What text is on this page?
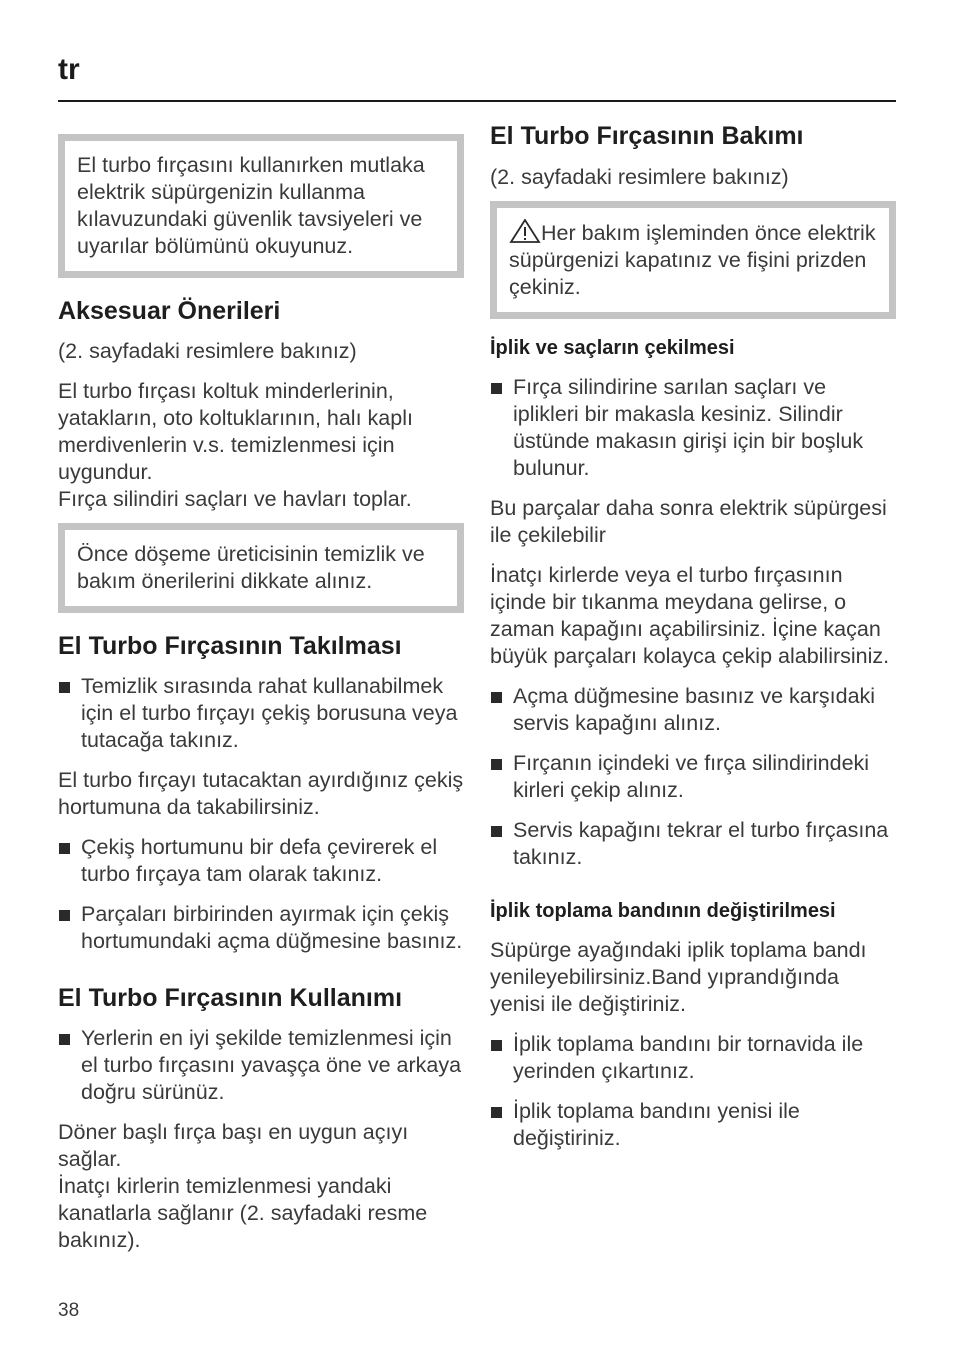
tr
El turbo fırçasını kullanırken mutlaka elektrik süpürgenizin kullanma kılavuzundaki güvenlik tavsiyeleri ve uyarılar bölümünü okuyunuz.
Aksesuar Önerileri

(2. sayfadaki resimlere bakınız)

El turbo fırçası koltuk minderlerinin, yatakların, oto koltuklarının, halı kaplı merdivenlerin v.s. temizlenmesi için uygundur.

Fırça silindiri saçları ve havları toplar.

Önce döşeme üreticisinin temizlik ve bakım önerilerini dikkate alınız.
El Turbo Fırçasının Takılması
Temizlik sırasında rahat kullanabilmek için el turbo fırçayı çekiş borusuna veya tutacağa takınız.

El turbo fırçayı tutacaktan ayırdığınız çekiş hortumuna da takabilirsiniz.

Çekiş hortumunu bir defa çevirerek el turbo fırçaya tam olarak takınız.
Parçaları birbirinden ayırmak için çekiş hortumundaki açma düğmesine basınız.
El Turbo Fırçasının Kullanımı
Yerlerin en iyi şekilde temizlenmesi için el turbo fırçasını yavaşça öne ve arkaya doğru sürünüz.

Döner başlı fırça başı en uygun açıyı sağlar.

İnatçı kirlerin temizlenmesi yandaki kanatlarla sağlanır (2. sayfadaki resme bakınız).

El Turbo Fırçasının Bakımı

(2. sayfadaki resimlere bakınız)

Her bakım işleminden önce elektrik süpürgenizi kapatınız ve fişini prizden çekiniz.
İplik ve saçların çekilmesi
Fırça silindirine sarılan saçları ve iplikleri bir makasla kesiniz. Silindir üstünde makasın girişi için bir boşluk bulunur.

Bu parçalar daha sonra elektrik süpürgesi ile çekilebilir

İnatçı kirlerde veya el turbo fırçasının içinde bir tıkanma meydana gelirse, o zaman kapağını açabilirsiniz. İçine kaçan büyük parçaları kolayca çekip alabilirsiniz.

Açma düğmesine basınız ve karşıdaki servis kapağını alınız.
Fırçanın içindeki ve fırça silindirindeki kirleri çekip alınız.
Servis kapağını tekrar el turbo fırçasına takınız.
İplik toplama bandının değiştirilmesi

Süpürge ayağındaki iplik toplama bandı yenileyebilirsiniz.Band yıprandığında yenisi ile değiştiriniz.

İplik toplama bandını bir tornavida ile yerinden çıkartınız.
İplik toplama bandını yenisi ile değiştiriniz.
38
